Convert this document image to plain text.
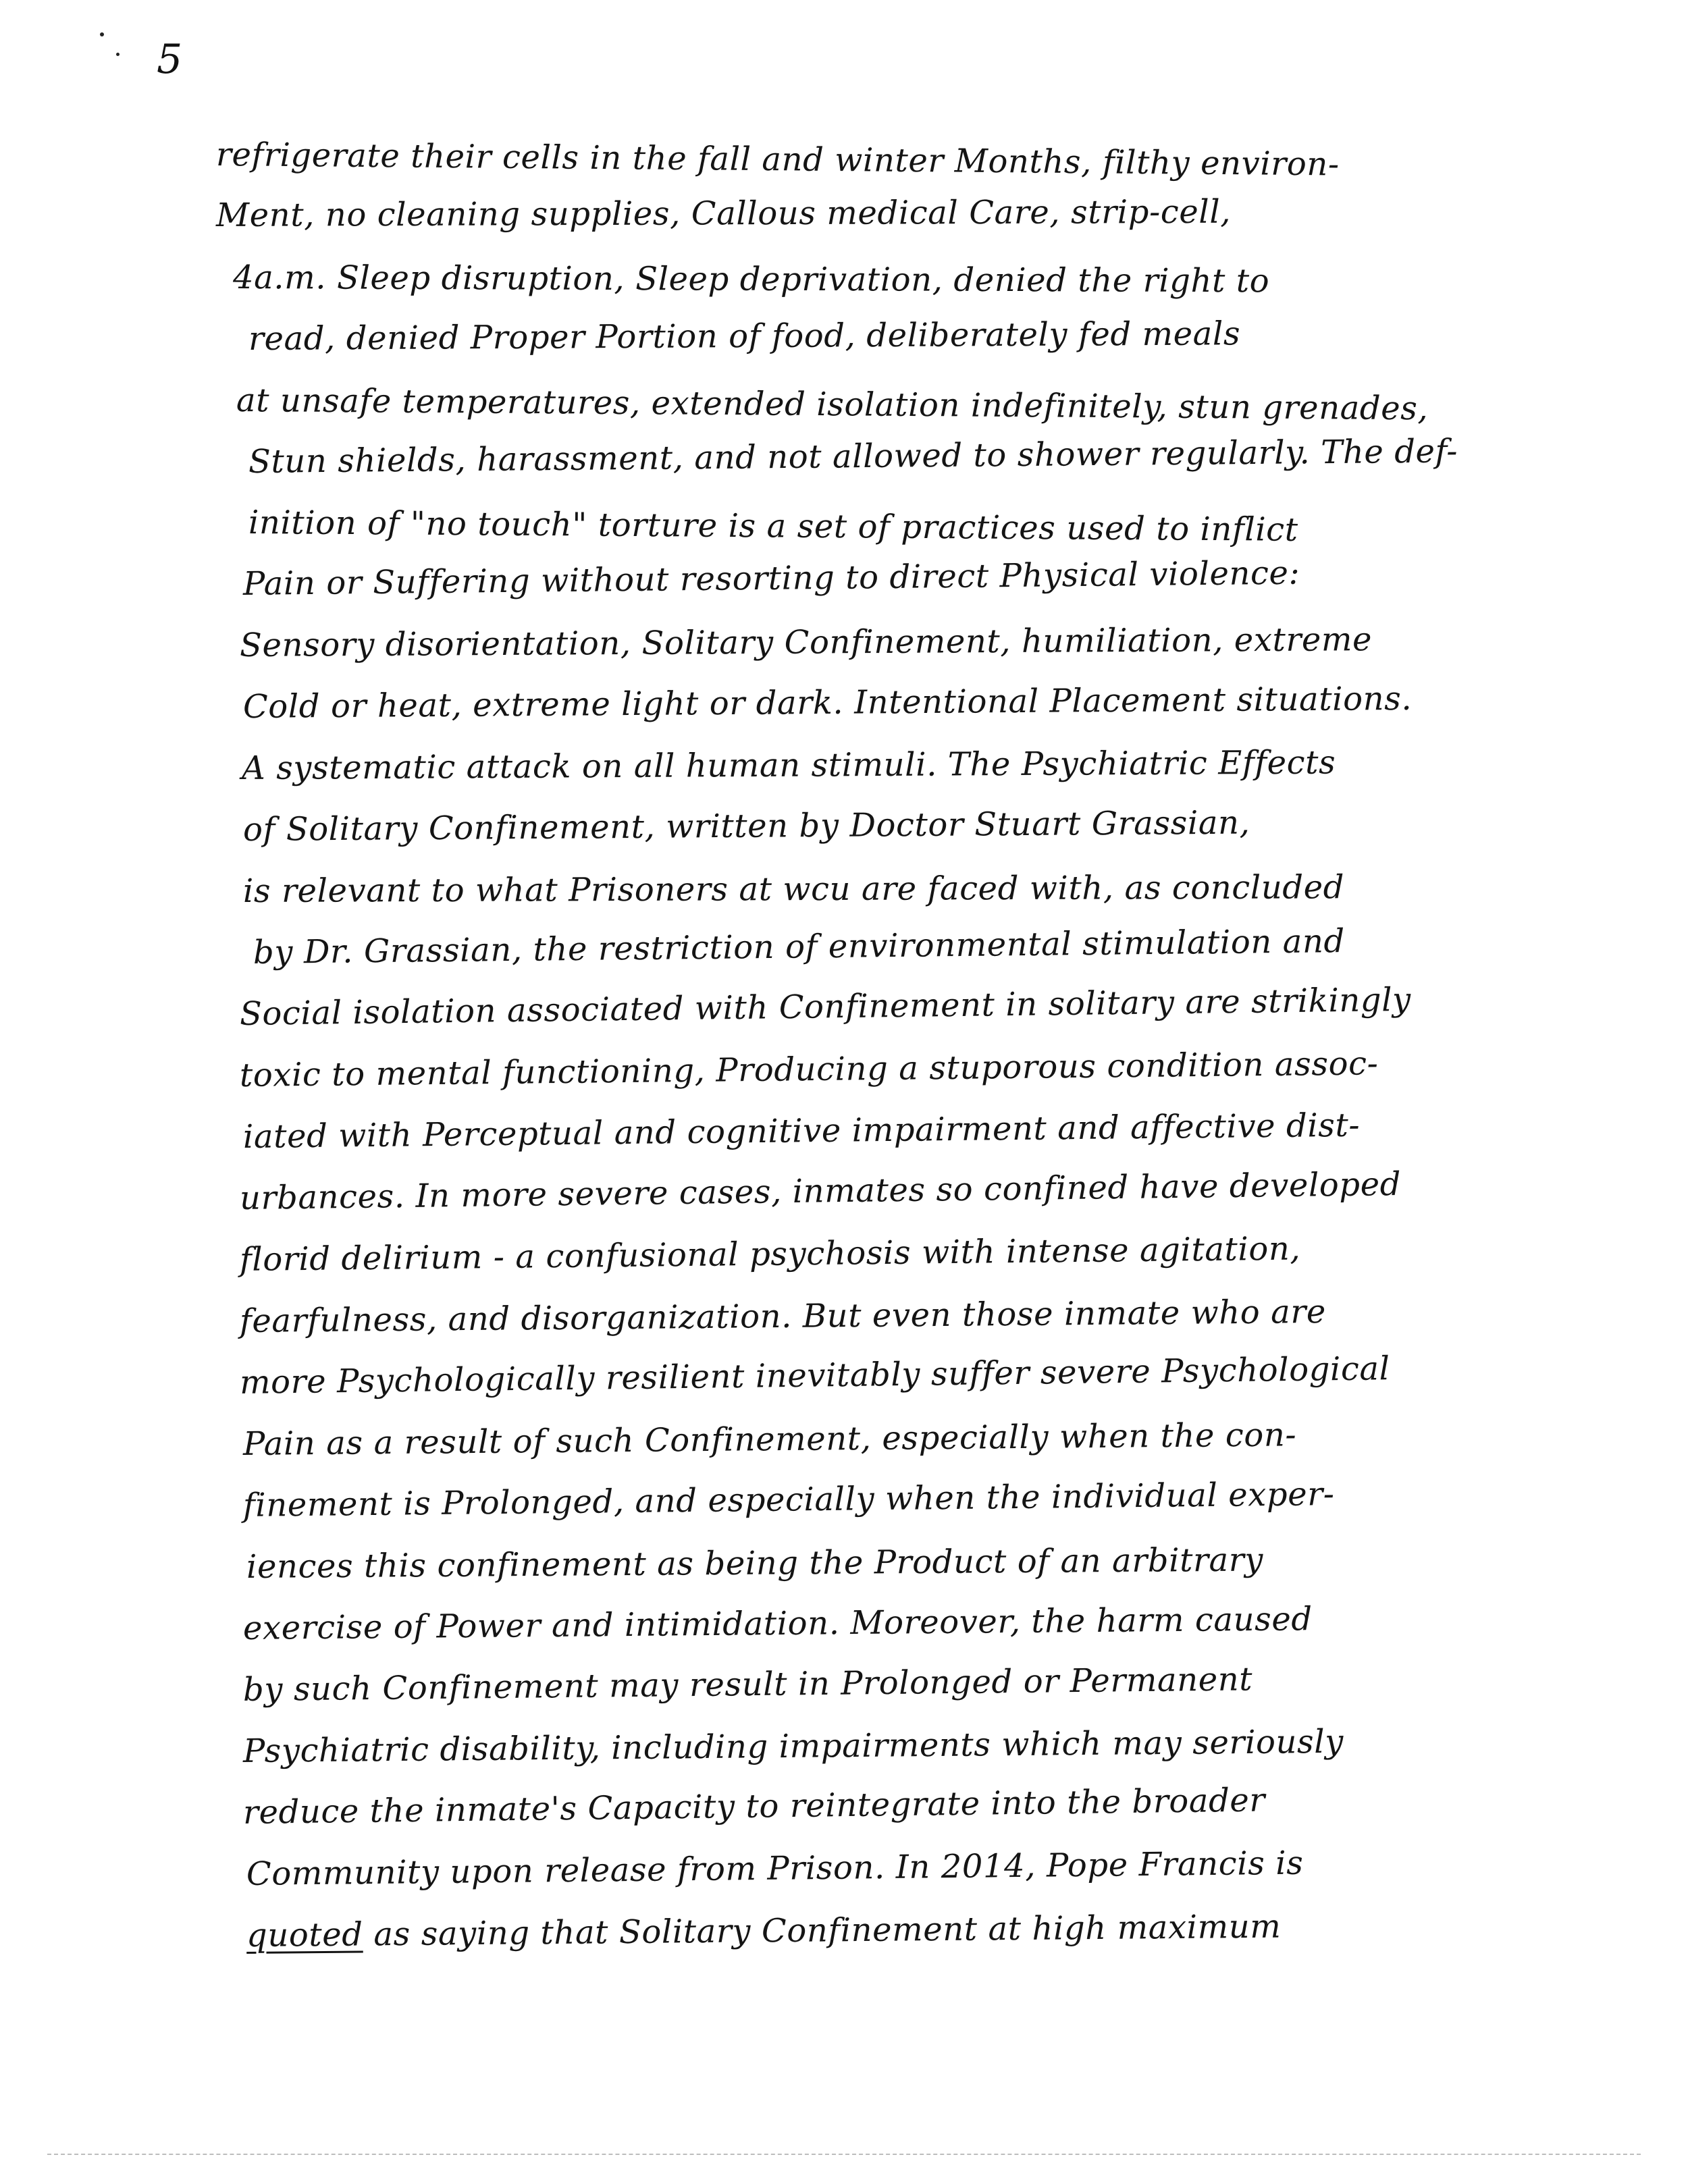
5
refrigerate their cells in the fall and winter Months, filthy environ-
Ment, no cleaning supplies, Callous medical Care, strip-cell,
4a.m. Sleep disruption, Sleep deprivation, denied the right to
read, denied Proper Portion of food, deliberately fed meals
at unsafe temperatures, extended isolation indefinitely, stun grenades,
Stun shields, harassment, and not allowed to shower regularly. The def-
inition of "no touch" torture is a set of practices used to inflict
Pain or Suffering without resorting to direct Physical violence:
Sensory disorientation, Solitary Confinement, humiliation, extreme
Cold or heat, extreme light or dark. Intentional Placement situations.
A systematic attack on all human stimuli. The Psychiatric Effects
of Solitary Confinement, written by Doctor Stuart Grassian,
is relevant to what Prisoners at wcu are faced with, as concluded
by Dr. Grassian, the restriction of environmental stimulation and
Social isolation associated with Confinement in solitary are strikingly
toxic to mental functioning, Producing a stuporous condition assoc-
iated with Perceptual and cognitive impairment and affective dist-
urbances. In more severe cases, inmates so confined have developed
florid delirium - a confusional psychosis with intense agitation,
fearfulness, and disorganization. But even those inmate who are
more Psychologically resilient inevitably suffer severe Psychological
Pain as a result of such Confinement, especially when the con-
finement is Prolonged, and especially when the individual exper-
iences this confinement as being the Product of an arbitrary
exercise of Power and intimidation. Moreover, the harm caused
by such Confinement may result in Prolonged or Permanent
Psychiatric disability, including impairments which may seriously
reduce the inmate's Capacity to reintegrate into the broader
Community upon release from Prison. In 2014, Pope Francis is
quoted as saying that Solitary Confinement at high maximum
